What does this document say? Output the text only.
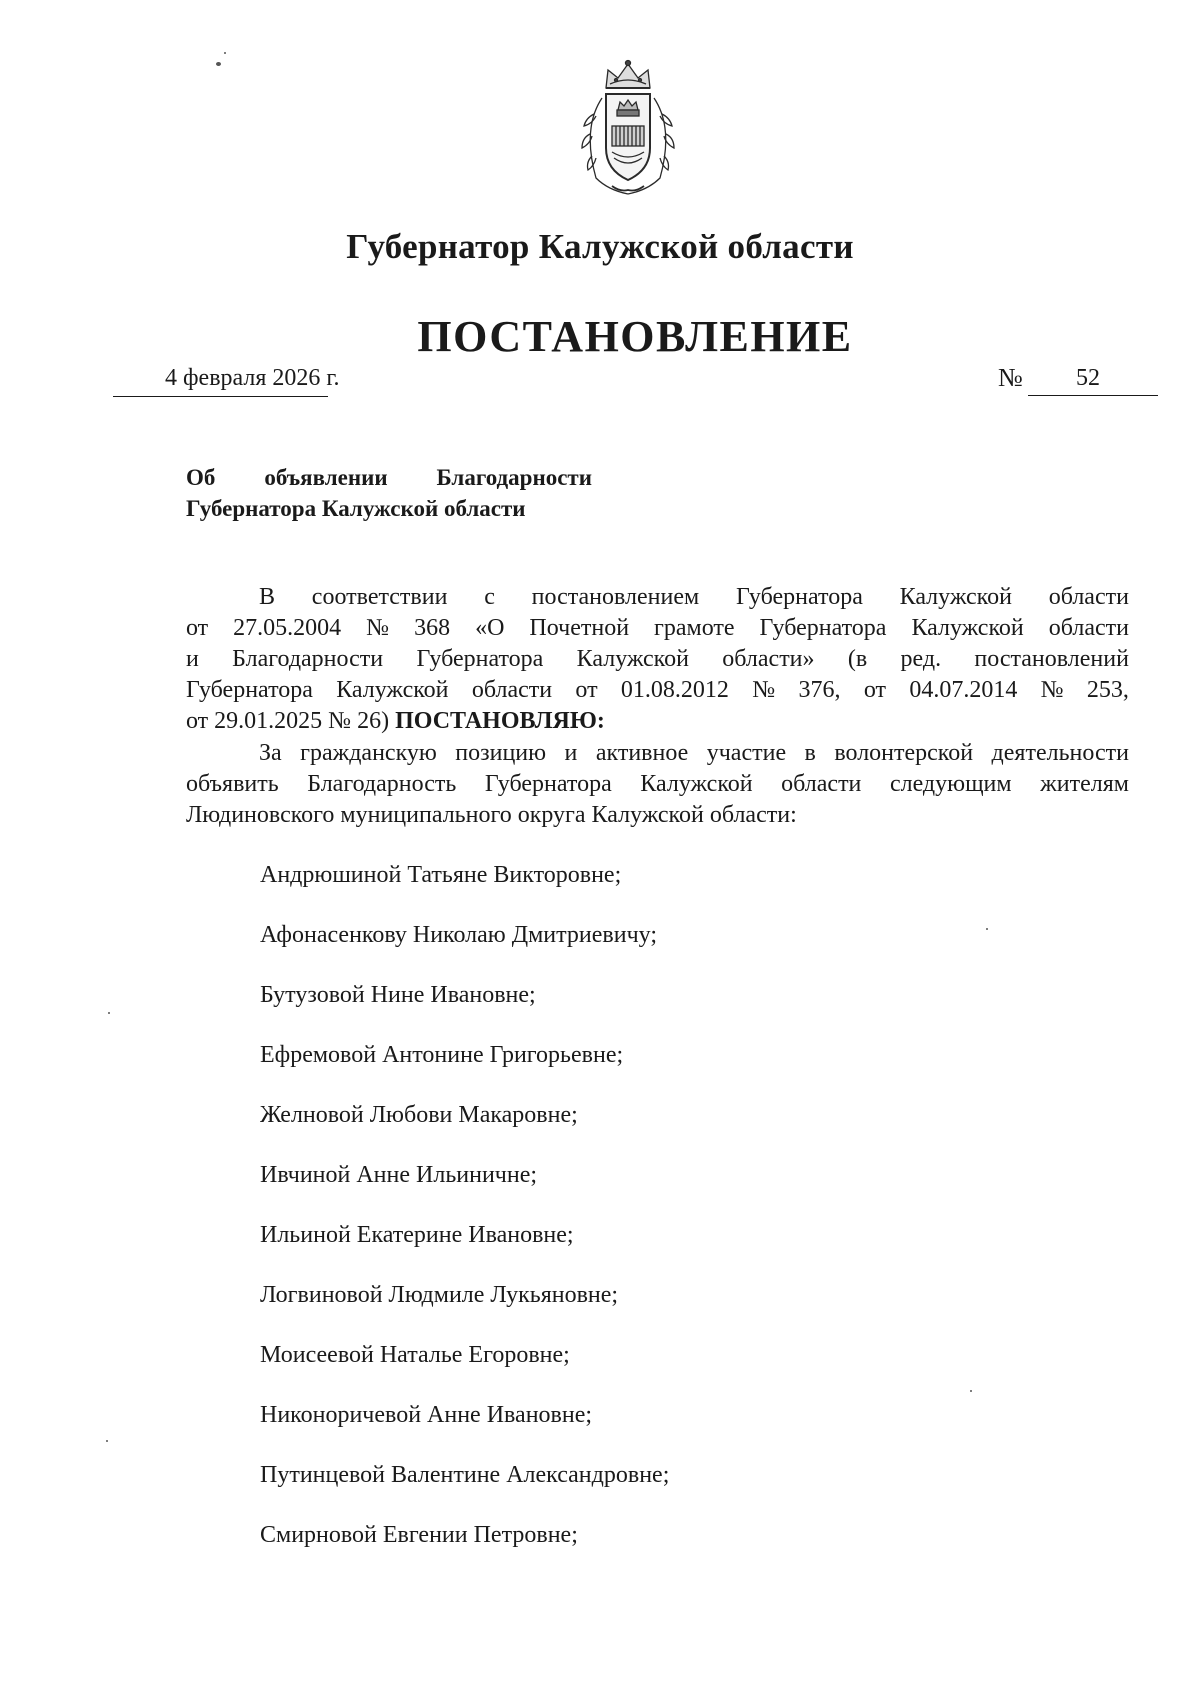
Губернатор Калужской области
ПОСТАНОВЛЕНИЕ
4 февраля 2026 г.	№ 52
Об объявлении Благодарности
Губернатора Калужской области
В соответствии с постановлением Губернатора Калужской области
от 27.05.2004 № 368 «О Почетной грамоте Губернатора Калужской области
и Благодарности Губернатора Калужской области» (в ред. постановлений
Губернатора Калужской области от 01.08.2012 № 376, от 04.07.2014 № 253,
от 29.01.2025 № 26)
ПОСТАНОВЛЯЮ:
За гражданскую позицию и активное участие в волонтерской деятельности
объявить Благодарность Губернатора Калужской области следующим жителям
Людиновского муниципального округа Калужской области:
Андрюшиной Татьяне Викторовне;
Афонасенкову Николаю Дмитриевичу;
Бутузовой Нине Ивановне;
Ефремовой Антонине Григорьевне;
Желновой Любови Макаровне;
Ивчиной Анне Ильиничне;
Ильиной Екатерине Ивановне;
Логвиновой Людмиле Лукьяновне;
Моисеевой Наталье Егоровне;
Никоноричевой Анне Ивановне;
Путинцевой Валентине Александровне;
Смирновой Евгении Петровне;
